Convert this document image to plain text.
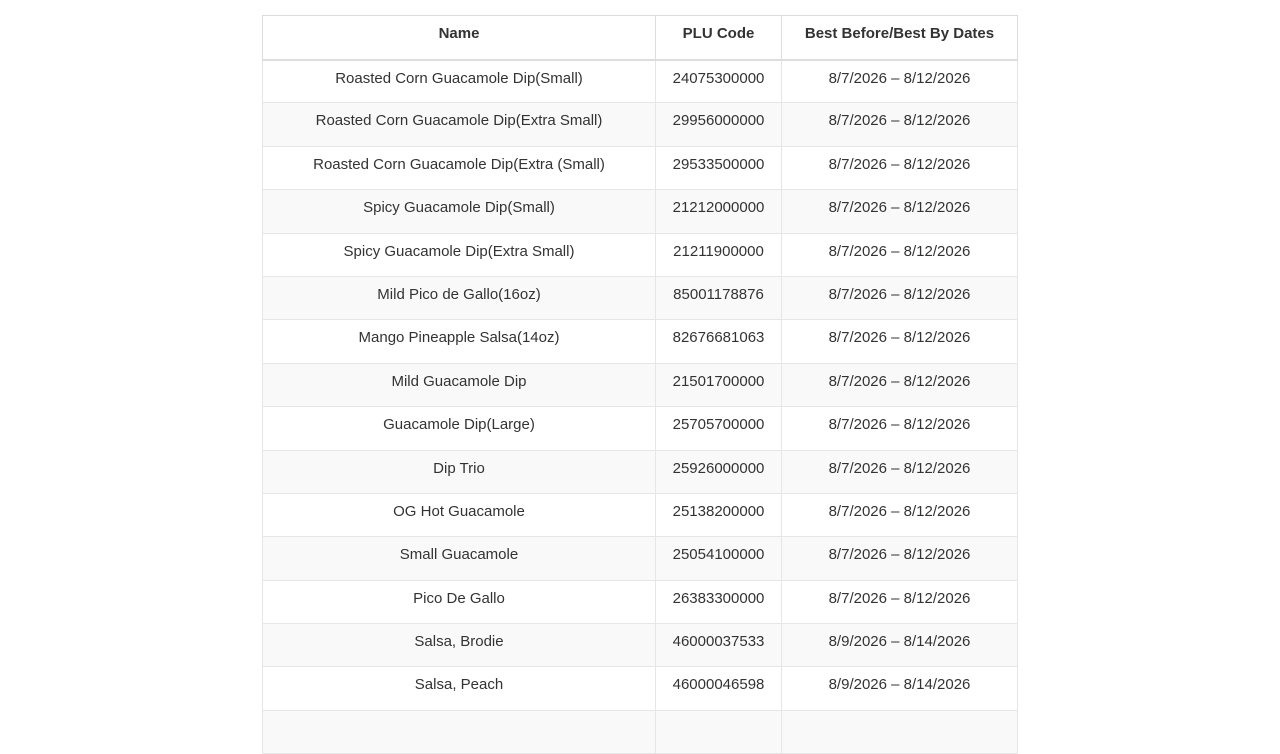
Name	PLU Code	Best Before/Best By Dates
Roasted Corn Guacamole Dip(Small)	24075300000	8/7/2026 – 8/12/2026
Roasted Corn Guacamole Dip(Extra Small)	29956000000	8/7/2026 – 8/12/2026
Roasted Corn Guacamole Dip(Extra (Small)	29533500000	8/7/2026 – 8/12/2026
Spicy Guacamole Dip(Small)	21212000000	8/7/2026 – 8/12/2026
Spicy Guacamole Dip(Extra Small)	21211900000	8/7/2026 – 8/12/2026
Mild Pico de Gallo(16oz)	85001178876	8/7/2026 – 8/12/2026
Mango Pineapple Salsa(14oz)	82676681063	8/7/2026 – 8/12/2026
Mild Guacamole Dip	21501700000	8/7/2026 – 8/12/2026
Guacamole Dip(Large)	25705700000	8/7/2026 – 8/12/2026
Dip Trio	25926000000	8/7/2026 – 8/12/2026
OG Hot Guacamole	25138200000	8/7/2026 – 8/12/2026
Small Guacamole	25054100000	8/7/2026 – 8/12/2026
Pico De Gallo	26383300000	8/7/2026 – 8/12/2026
Salsa, Brodie	46000037533	8/9/2026 – 8/14/2026
Salsa, Peach	46000046598	8/9/2026 – 8/14/2026
